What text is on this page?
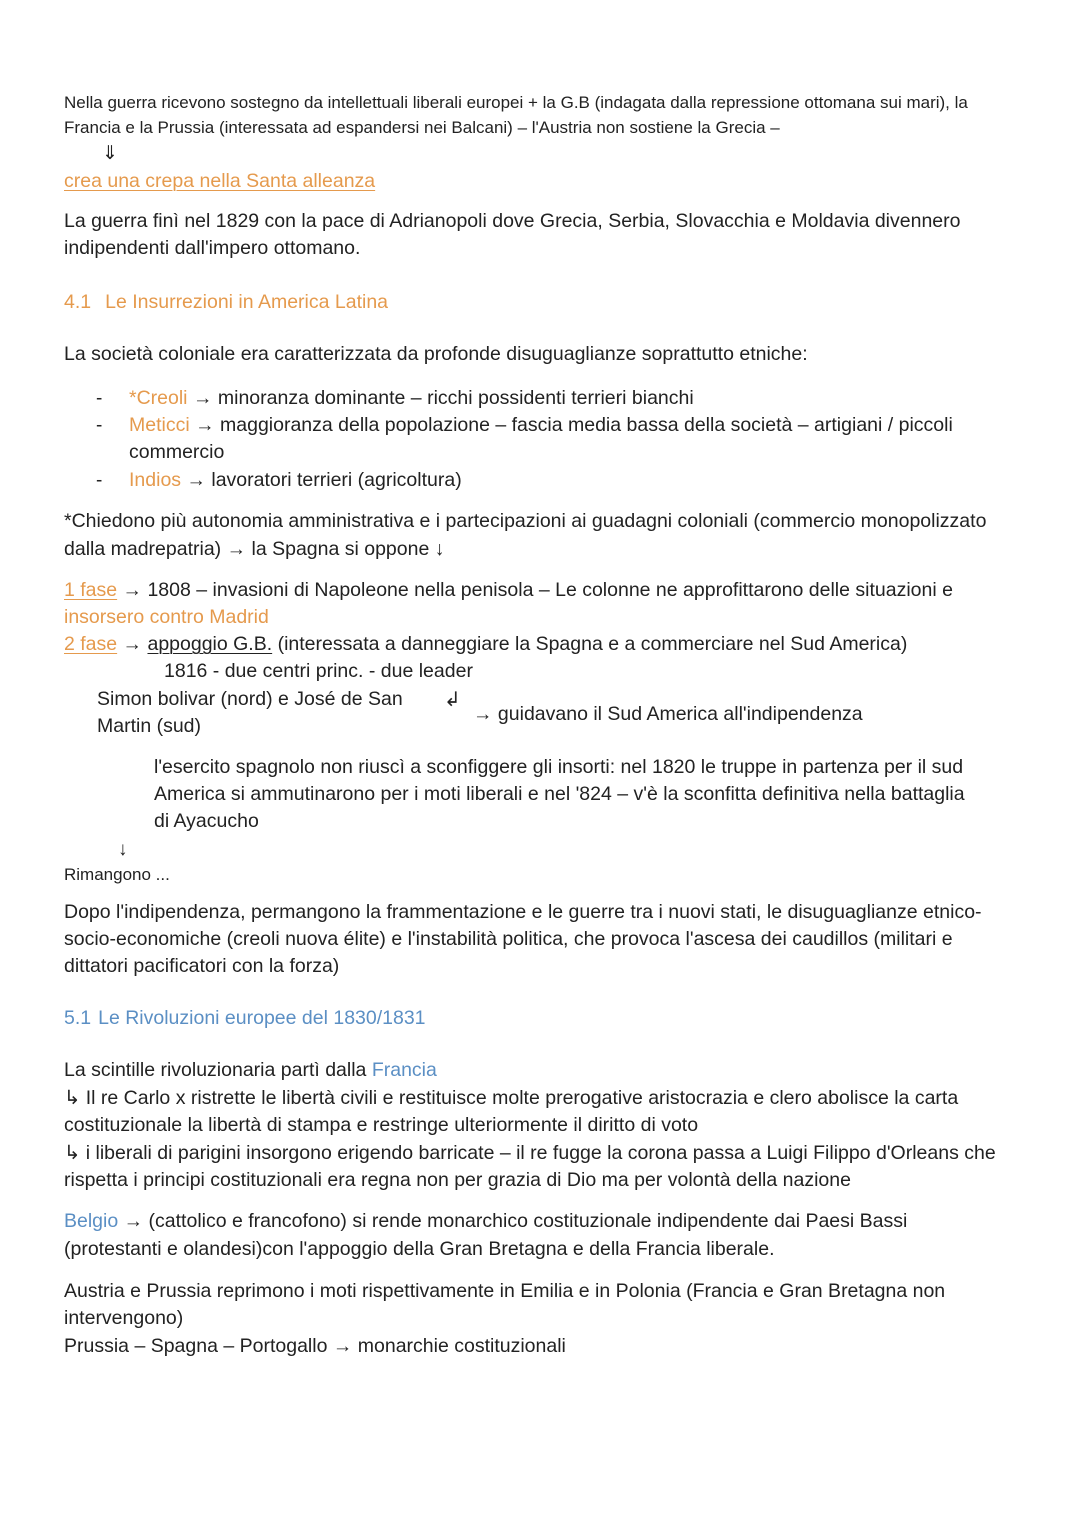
Nella guerra ricevono sostegno da intellettuali liberali europei + la G.B (indagata dalla repressione ottomana sui mari), la
Francia e la Prussia (interessata ad espandersi nei Balcani) – l'Austria non sostiene la Grecia –
⇓
crea una crepa nella Santa alleanza
La guerra finì nel 1829 con la pace di Adrianopoli dove Grecia, Serbia, Slovacchia e Moldavia divennero
indipendenti dall'impero ottomano.
4.1 Le Insurrezioni in America Latina
La società coloniale era caratterizzata da profonde disuguaglianze soprattutto etniche:
- *Creoli → minoranza dominante – ricchi possidenti terrieri bianchi
- Meticci → maggioranza della popolazione – fascia media bassa della società – artigiani / piccoli
commercio
- Indios → lavoratori terrieri (agricoltura)
*Chiedono più autonomia amministrativa e i partecipazioni ai guadagni coloniali (commercio monopolizzato
dalla madrepatria) → la Spagna si oppone ↓
1 fase → 1808 – invasioni di Napoleone nella penisola – Le colonne ne approfittarono delle situazioni e
insorsero contro Madrid
2 fase → appoggio G.B. (interessata a danneggiare la Spagna e a commerciare nel Sud America)
1816 - due centri princ. - due leader
Simon bolivar (nord) e José de San
Martin (sud)
↲
→ guidavano il Sud America all'indipendenza
l'esercito spagnolo non riuscì a sconfiggere gli insorti: nel 1820 le truppe in partenza per il sud
America si ammutinarono per i moti liberali e nel '824 – v'è la sconfitta definitiva nella battaglia
di Ayacucho
↓
Rimangono ...
Dopo l'indipendenza, permangono la frammentazione e le guerre tra i nuovi stati, le disuguaglianze etnico-
socio-economiche (creoli nuova élite) e l'instabilità politica, che provoca l'ascesa dei caudillos (militari e
dittatori pacificatori con la forza)
5.1 Le Rivoluzioni europee del 1830/1831
La scintille rivoluzionaria partì dalla Francia
↳ Il re Carlo x ristrette le libertà civili e restituisce molte prerogative aristocrazia e clero abolisce la carta
costituzionale la libertà di stampa e restringe ulteriormente il diritto di voto
↳ i liberali di parigini insorgono erigendo barricate – il re fugge la corona passa a Luigi Filippo d'Orleans che
rispetta i principi costituzionali era regna non per grazia di Dio ma per volontà della nazione
Belgio → (cattolico e francofono) si rende monarchico costituzionale indipendente dai Paesi Bassi
(protestanti e olandesi)con l'appoggio della Gran Bretagna e della Francia liberale.
Austria e Prussia reprimono i moti rispettivamente in Emilia e in Polonia (Francia e Gran Bretagna non
intervengono)
Prussia – Spagna – Portogallo → monarchie costituzionali
